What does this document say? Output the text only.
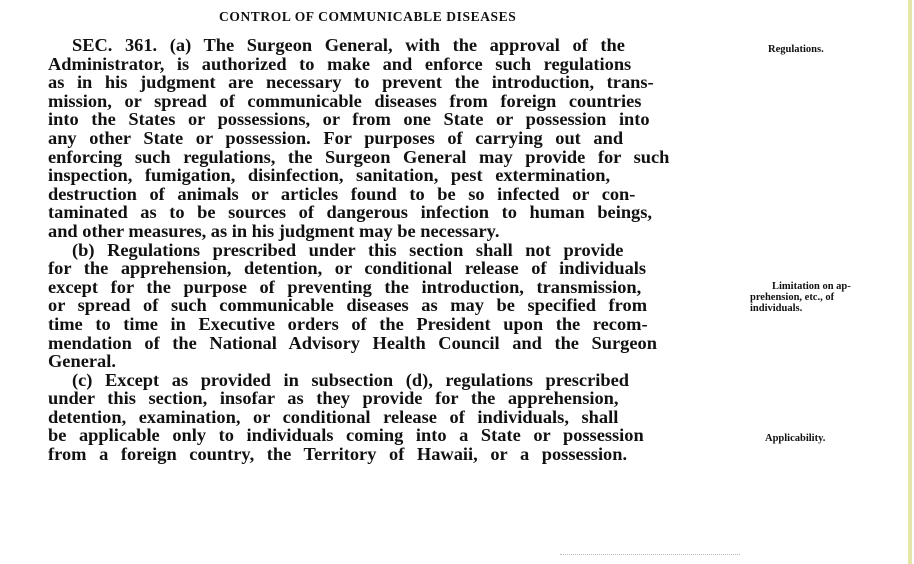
CONTROL OF COMMUNICABLE DISEASES
SEC. 361. (a) The Surgeon General, with the approval of the
Administrator, is authorized to make and enforce such regulations
as in his judgment are necessary to prevent the introduction, trans-
mission, or spread of communicable diseases from foreign countries
into the States or possessions, or from one State or possession into
any other State or possession. For purposes of carrying out and
enforcing such regulations, the Surgeon General may provide for such
inspection, fumigation, disinfection, sanitation, pest extermination,
destruction of animals or articles found to be so infected or con-
taminated as to be sources of dangerous infection to human beings,
and other measures, as in his judgment may be necessary.
(b) Regulations prescribed under this section shall not provide
for the apprehension, detention, or conditional release of individuals
except for the purpose of preventing the introduction, transmission,
or spread of such communicable diseases as may be specified from
time to time in Executive orders of the President upon the recom-
mendation of the National Advisory Health Council and the Surgeon
General.
(c) Except as provided in subsection (d), regulations prescribed
under this section, insofar as they provide for the apprehension,
detention, examination, or conditional release of individuals, shall
be applicable only to individuals coming into a State or possession
from a foreign country, the Territory of Hawaii, or a possession.
Regulations.
Limitation on ap-
prehension, etc., of
individuals.
Applicability.
